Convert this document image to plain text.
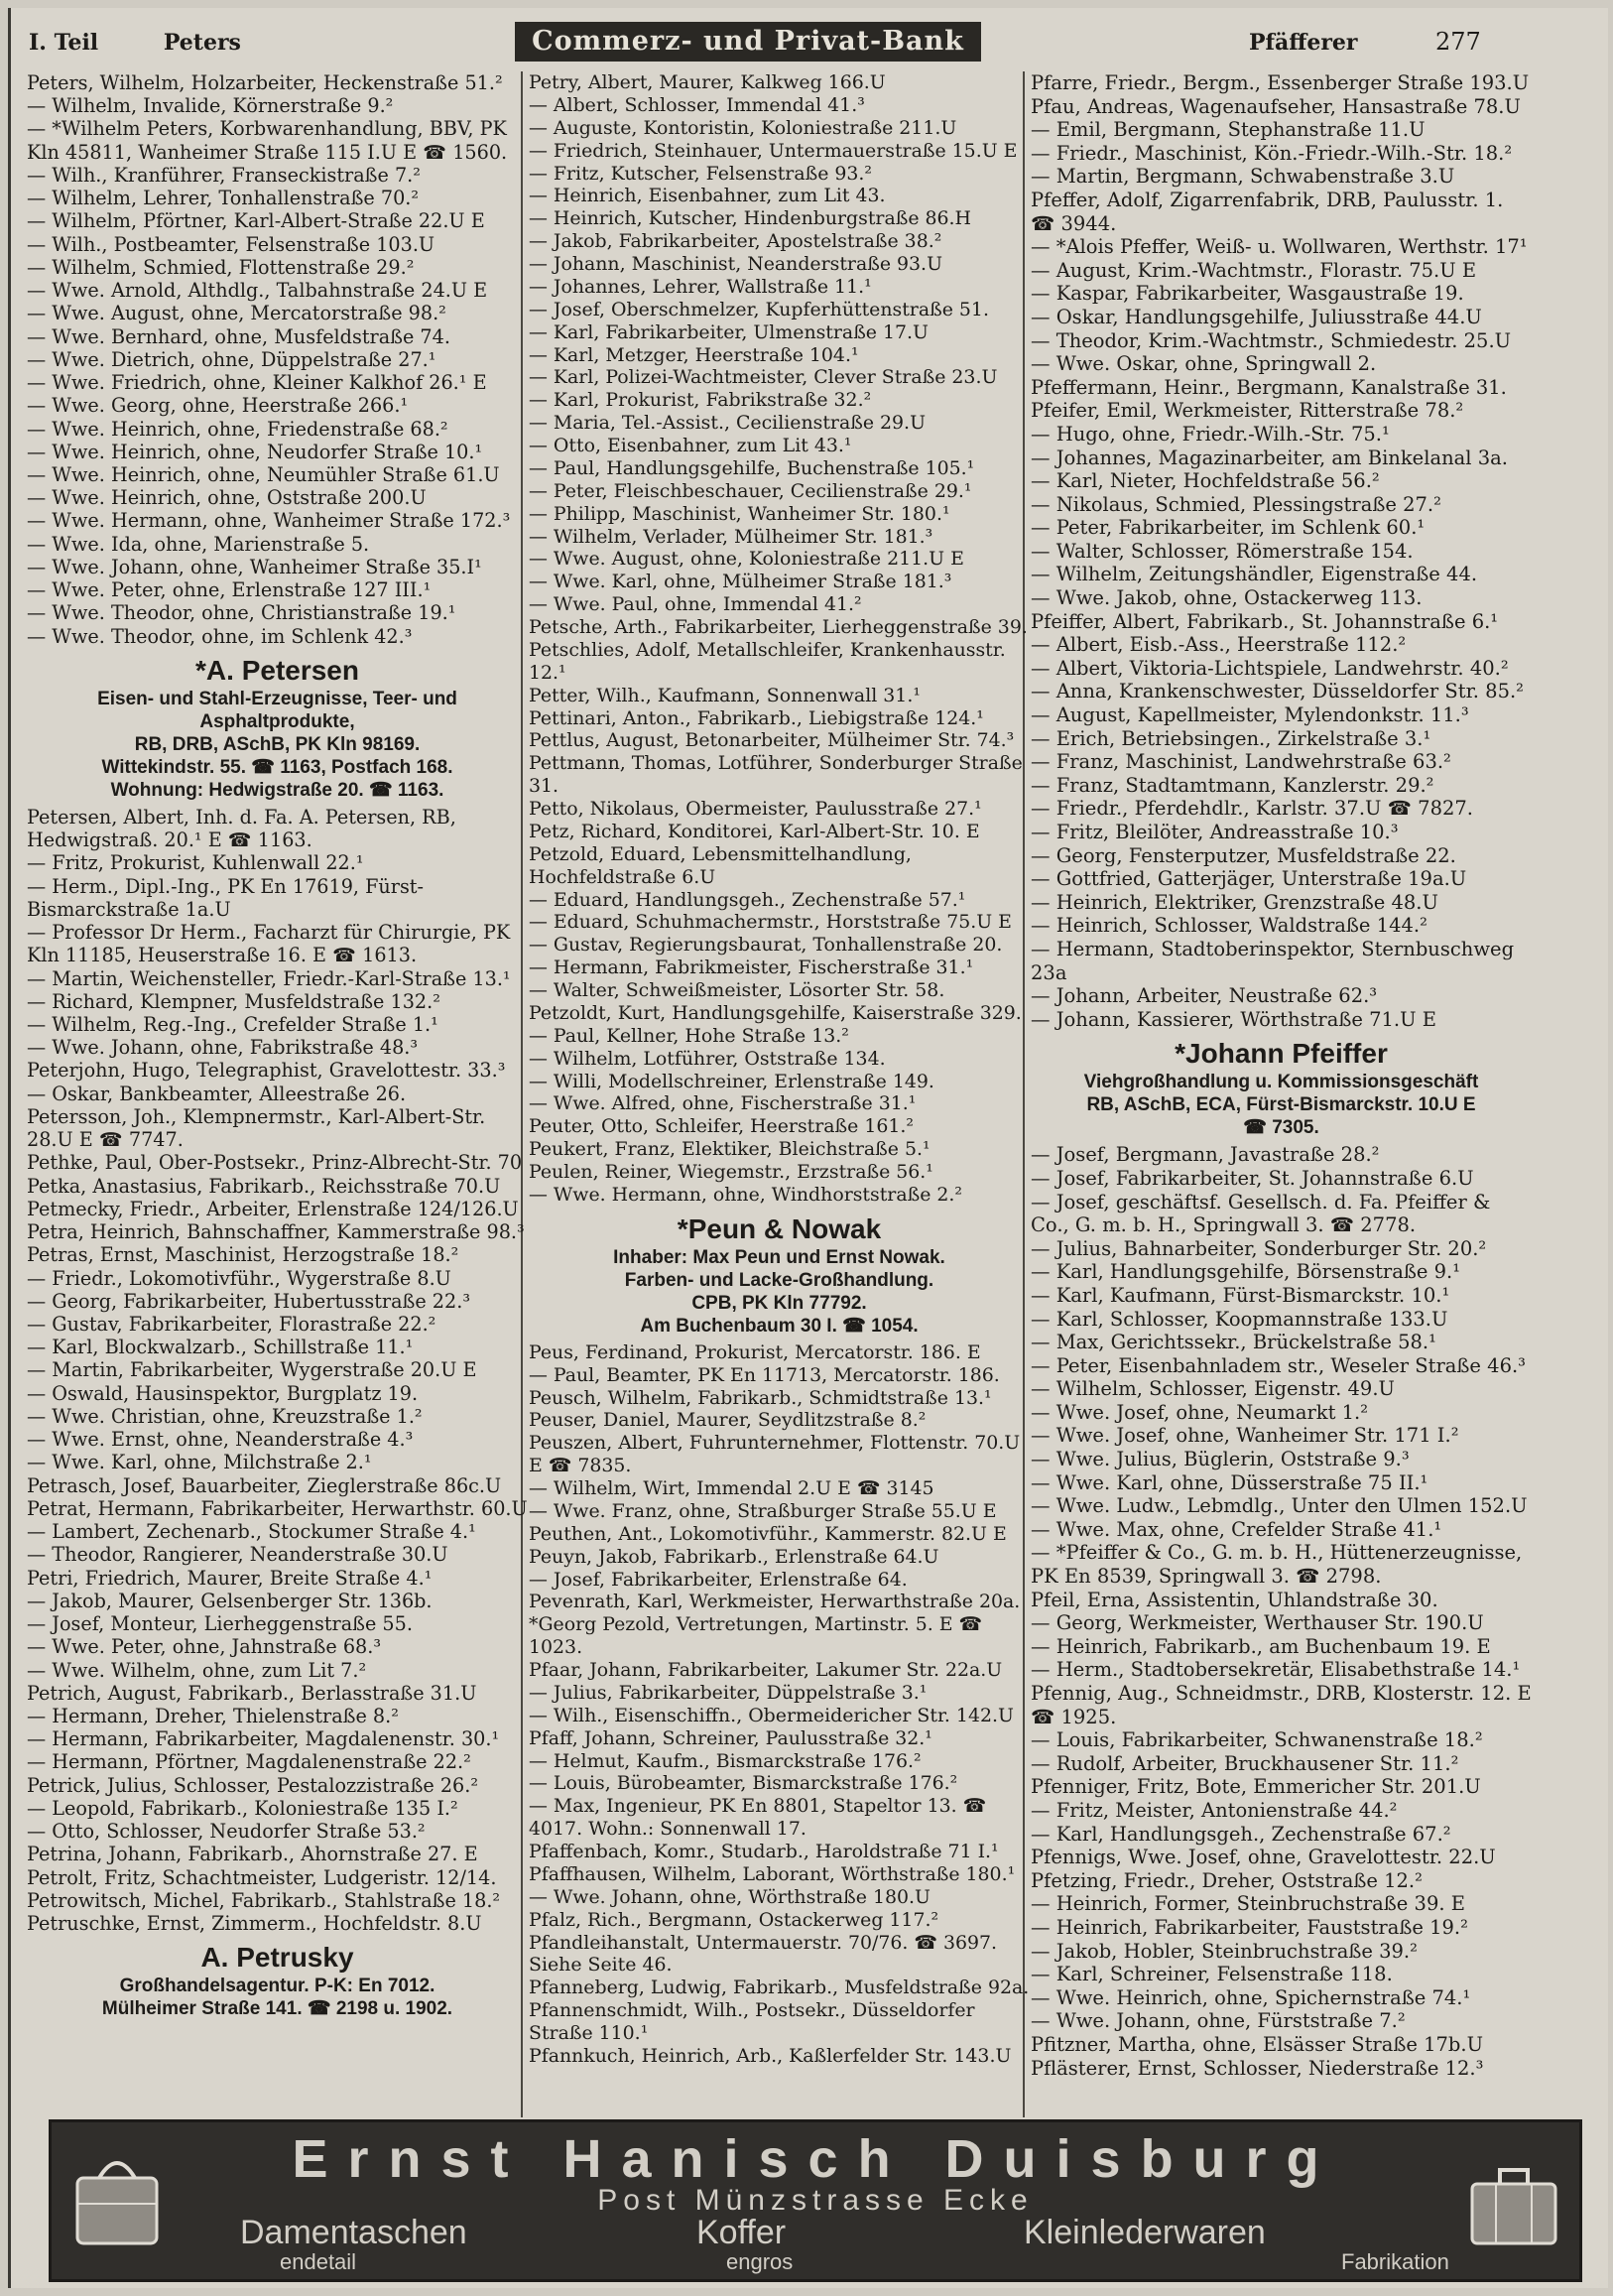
I. Teil	Peters	Commerz- und Privat-Bank	Pfäfferer	277
Peters, Wilhelm, Holzarbeiter, Heckenstraße 51.²
— Wilhelm, Invalide, Körnerstraße 9.²
— *Wilhelm Peters, Korbwarenhandlung, BBV, PK Kln 45811, Wanheimer Straße 115 I.U E ☎ 1560.
— Wilh., Kranführer, Franseckistraße 7.²
— Wilhelm, Lehrer, Tonhallenstraße 70.²
— Wilhelm, Pförtner, Karl-Albert-Straße 22.U E
— Wilh., Postbeamter, Felsenstraße 103.U
— Wilhelm, Schmied, Flottenstraße 29.²
— Wwe. Arnold, Althdlg., Talbahnstraße 24.U E
— Wwe. August, ohne, Mercatorstraße 98.²
— Wwe. Bernhard, ohne, Musfeldstraße 74.
— Wwe. Dietrich, ohne, Düppelstraße 27.¹
— Wwe. Friedrich, ohne, Kleiner Kalkhof 26.¹ E
— Wwe. Georg, ohne, Heerstraße 266.¹
— Wwe. Heinrich, ohne, Friedenstraße 68.²
— Wwe. Heinrich, ohne, Neudorfer Straße 10.¹
— Wwe. Heinrich, ohne, Neumühler Straße 61.U
— Wwe. Heinrich, ohne, Oststraße 200.U
— Wwe. Hermann, ohne, Wanheimer Straße 172.³
— Wwe. Ida, ohne, Marienstraße 5.
— Wwe. Johann, ohne, Wanheimer Straße 35.I¹
— Wwe. Peter, ohne, Erlenstraße 127 III.¹
— Wwe. Theodor, ohne, Christianstraße 19.¹
— Wwe. Theodor, ohne, im Schlenk 42.³
*A. Petersen
Eisen- und Stahl-Erzeugnisse, Teer- und Asphaltprodukte,
RB, DRB, ASchB, PK Kln 98169.
Wittekindstr. 55. ☎ 1163, Postfach 168.
Wohnung: Hedwigstraße 20. ☎ 1163.
Petersen, Albert, Inh. d. Fa. A. Petersen, RB, Hedwigstraß. 20.¹ E ☎ 1163.
— Fritz, Prokurist, Kuhlenwall 22.¹
— Herm., Dipl.-Ing., PK En 17619, Fürst-Bismarckstraße 1a.U
— Professor Dr Herm., Facharzt für Chirurgie, PK Kln 11185, Heuserstraße 16. E ☎ 1613.
— Martin, Weichensteller, Friedr.-Karl-Straße 13.¹
— Richard, Klempner, Musfeldstraße 132.²
— Wilhelm, Reg.-Ing., Crefelder Straße 1.¹
— Wwe. Johann, ohne, Fabrikstraße 48.³
Peterjohn, Hugo, Telegraphist, Gravelottestr. 33.³
— Oskar, Bankbeamter, Alleestraße 26.
Petersson, Joh., Klempnermstr., Karl-Albert-Str. 28.U E ☎ 7747.
Pethke, Paul, Ober-Postsekr., Prinz-Albrecht-Str. 70
Petka, Anastasius, Fabrikarb., Reichsstraße 70.U
Petmecky, Friedr., Arbeiter, Erlenstraße 124/126.U
Petra, Heinrich, Bahnschaffner, Kammerstraße 98.³
Petras, Ernst, Maschinist, Herzogstraße 18.²
— Friedr., Lokomotivführ., Wygerstraße 8.U
— Georg, Fabrikarbeiter, Hubertusstraße 22.³
— Gustav, Fabrikarbeiter, Florastraße 22.²
— Karl, Blockwalzarb., Schillstraße 11.¹
— Martin, Fabrikarbeiter, Wygerstraße 20.U E
— Oswald, Hausinspektor, Burgplatz 19.
— Wwe. Christian, ohne, Kreuzstraße 1.²
— Wwe. Ernst, ohne, Neanderstraße 4.³
— Wwe. Karl, ohne, Milchstraße 2.¹
Petrasch, Josef, Bauarbeiter, Zieglerstraße 86c.U
Petrat, Hermann, Fabrikarbeiter, Herwarthstr. 60.U
— Lambert, Zechenarb., Stockumer Straße 4.¹
— Theodor, Rangierer, Neanderstraße 30.U
Petri, Friedrich, Maurer, Breite Straße 4.¹
— Jakob, Maurer, Gelsenberger Str. 136b.
— Josef, Monteur, Lierheggenstraße 55.
— Wwe. Peter, ohne, Jahnstraße 68.³
— Wwe. Wilhelm, ohne, zum Lit 7.²
Petrich, August, Fabrikarb., Berlasstraße 31.U
— Hermann, Dreher, Thielenstraße 8.²
— Hermann, Fabrikarbeiter, Magdalenenstr. 30.¹
— Hermann, Pförtner, Magdalenenstraße 22.²
Petrick, Julius, Schlosser, Pestalozzistraße 26.²
— Leopold, Fabrikarb., Koloniestraße 135 I.²
— Otto, Schlosser, Neudorfer Straße 53.²
Petrina, Johann, Fabrikarb., Ahornstraße 27. E
Petrolt, Fritz, Schachtmeister, Ludgeristr. 12/14.
Petrowitsch, Michel, Fabrikarb., Stahlstraße 18.²
Petruschke, Ernst, Zimmerm., Hochfeldstr. 8.U
A. Petrusky
Großhandelsagentur. P-K: En 7012.
Mülheimer Straße 141. ☎ 2198 u. 1902.
Petry, Albert, Maurer, Kalkweg 166.U
— Albert, Schlosser, Immendal 41.³
— Auguste, Kontoristin, Koloniestraße 211.U
— Friedrich, Steinhauer, Untermauerstraße 15.U E
— Fritz, Kutscher, Felsenstraße 93.²
— Heinrich, Eisenbahner, zum Lit 43.
— Heinrich, Kutscher, Hindenburgstraße 86.H
— Jakob, Fabrikarbeiter, Apostelstraße 38.²
— Johann, Maschinist, Neanderstraße 93.U
— Johannes, Lehrer, Wallstraße 11.¹
— Josef, Oberschmelzer, Kupferhüttenstraße 51.
— Karl, Fabrikarbeiter, Ulmenstraße 17.U
— Karl, Metzger, Heerstraße 104.¹
— Karl, Polizei-Wachtmeister, Clever Straße 23.U
— Karl, Prokurist, Fabrikstraße 32.²
— Maria, Tel.-Assist., Cecilienstraße 29.U
— Otto, Eisenbahner, zum Lit 43.¹
— Paul, Handlungsgehilfe, Buchenstraße 105.¹
— Peter, Fleischbeschauer, Cecilienstraße 29.¹
— Philipp, Maschinist, Wanheimer Str. 180.¹
— Wilhelm, Verlader, Mülheimer Str. 181.³
— Wwe. August, ohne, Koloniestraße 211.U E
— Wwe. Karl, ohne, Mülheimer Straße 181.³
— Wwe. Paul, ohne, Immendal 41.²
Petsche, Arth., Fabrikarbeiter, Lierheggenstraße 39.
Petschlies, Adolf, Metallschleifer, Krankenhausstr. 12.¹
Petter, Wilh., Kaufmann, Sonnenwall 31.¹
Pettinari, Anton., Fabrikarb., Liebigstraße 124.¹
Pettlus, August, Betonarbeiter, Mülheimer Str. 74.³
Pettmann, Thomas, Lotführer, Sonderburger Straße 31.
Petto, Nikolaus, Obermeister, Paulusstraße 27.¹
Petz, Richard, Konditorei, Karl-Albert-Str. 10. E
Petzold, Eduard, Lebensmittelhandlung, Hochfeldstraße 6.U
— Eduard, Handlungsgeh., Zechenstraße 57.¹
— Eduard, Schuhmachermstr., Horststraße 75.U E
— Gustav, Regierungsbaurat, Tonhallenstraße 20.
— Hermann, Fabrikmeister, Fischerstraße 31.¹
— Walter, Schweißmeister, Lösorter Str. 58.
Petzoldt, Kurt, Handlungsgehilfe, Kaiserstraße 329.
— Paul, Kellner, Hohe Straße 13.²
— Wilhelm, Lotführer, Oststraße 134.
— Willi, Modellschreiner, Erlenstraße 149.
— Wwe. Alfred, ohne, Fischerstraße 31.¹
Peuter, Otto, Schleifer, Heerstraße 161.²
Peukert, Franz, Elektiker, Bleichstraße 5.¹
Peulen, Reiner, Wiegemstr., Erzstraße 56.¹
— Wwe. Hermann, ohne, Windhorststraße 2.²
*Peun & Nowak
Inhaber: Max Peun und Ernst Nowak.
Farben- und Lacke-Großhandlung.
CPB, PK Kln 77792.
Am Buchenbaum 30 I. ☎ 1054.
Peus, Ferdinand, Prokurist, Mercatorstr. 186. E
— Paul, Beamter, PK En 11713, Mercatorstr. 186.
Peusch, Wilhelm, Fabrikarb., Schmidtstraße 13.¹
Peuser, Daniel, Maurer, Seydlitzstraße 8.²
Peuszen, Albert, Fuhrunternehmer, Flottenstr. 70.U E ☎ 7835.
— Wilhelm, Wirt, Immendal 2.U E ☎ 3145
— Wwe. Franz, ohne, Straßburger Straße 55.U E
Peuthen, Ant., Lokomotivführ., Kammerstr. 82.U E
Peuyn, Jakob, Fabrikarb., Erlenstraße 64.U
— Josef, Fabrikarbeiter, Erlenstraße 64.
Pevenrath, Karl, Werkmeister, Herwarthstraße 20a.
*Georg Pezold, Vertretungen, Martinstr. 5. E ☎ 1023.
Pfaar, Johann, Fabrikarbeiter, Lakumer Str. 22a.U
— Julius, Fabrikarbeiter, Düppelstraße 3.¹
— Wilh., Eisenschiffn., Obermeidericher Str. 142.U
Pfaff, Johann, Schreiner, Paulusstraße 32.¹
— Helmut, Kaufm., Bismarckstraße 176.²
— Louis, Bürobeamter, Bismarckstraße 176.²
— Max, Ingenieur, PK En 8801, Stapeltor 13. ☎ 4017. Wohn.: Sonnenwall 17.
Pfaffenbach, Komr., Studarb., Haroldstraße 71 I.¹
Pfaffhausen, Wilhelm, Laborant, Wörthstraße 180.¹
— Wwe. Johann, ohne, Wörthstraße 180.U
Pfalz, Rich., Bergmann, Ostackerweg 117.²
Pfandleihanstalt, Untermauerstr. 70/76. ☎ 3697. Siehe Seite 46.
Pfanneberg, Ludwig, Fabrikarb., Musfeldstraße 92a.
Pfannenschmidt, Wilh., Postsekr., Düsseldorfer Straße 110.¹
Pfannkuch, Heinrich, Arb., Kaßlerfelder Str. 143.U
Pfarre, Friedr., Bergm., Essenberger Straße 193.U
Pfau, Andreas, Wagenaufseher, Hansastraße 78.U
— Emil, Bergmann, Stephanstraße 11.U
— Friedr., Maschinist, Kön.-Friedr.-Wilh.-Str. 18.²
— Martin, Bergmann, Schwabenstraße 3.U
Pfeffer, Adolf, Zigarrenfabrik, DRB, Paulusstr. 1. ☎ 3944.
— *Alois Pfeffer, Weiß- u. Wollwaren, Werthstr. 17¹
— August, Krim.-Wachtmstr., Florastr. 75.U E
— Kaspar, Fabrikarbeiter, Wasgaustraße 19.
— Oskar, Handlungsgehilfe, Juliusstraße 44.U
— Theodor, Krim.-Wachtmstr., Schmiedestr. 25.U
— Wwe. Oskar, ohne, Springwall 2.
Pfeffermann, Heinr., Bergmann, Kanalstraße 31.
Pfeifer, Emil, Werkmeister, Ritterstraße 78.²
— Hugo, ohne, Friedr.-Wilh.-Str. 75.¹
— Johannes, Magazinarbeiter, am Binkelanal 3a.
— Karl, Nieter, Hochfeldstraße 56.²
— Nikolaus, Schmied, Plessingstraße 27.²
— Peter, Fabrikarbeiter, im Schlenk 60.¹
— Walter, Schlosser, Römerstraße 154.
— Wilhelm, Zeitungshändler, Eigenstraße 44.
— Wwe. Jakob, ohne, Ostackerweg 113.
Pfeiffer, Albert, Fabrikarb., St. Johannstraße 6.¹
— Albert, Eisb.-Ass., Heerstraße 112.²
— Albert, Viktoria-Lichtspiele, Landwehrstr. 40.²
— Anna, Krankenschwester, Düsseldorfer Str. 85.²
— August, Kapellmeister, Mylendonkstr. 11.³
— Erich, Betriebsingen., Zirkelstraße 3.¹
— Franz, Maschinist, Landwehrstraße 63.²
— Franz, Stadtamtmann, Kanzlerstr. 29.²
— Friedr., Pferdehdlr., Karlstr. 37.U ☎ 7827.
— Fritz, Bleilöter, Andreasstraße 10.³
— Georg, Fensterputzer, Musfeldstraße 22.
— Gottfried, Gatterjäger, Unterstraße 19a.U
— Heinrich, Elektriker, Grenzstraße 48.U
— Heinrich, Schlosser, Waldstraße 144.²
— Hermann, Stadtoberinspektor, Sternbuschweg 23a
— Johann, Arbeiter, Neustraße 62.³
— Johann, Kassierer, Wörthstraße 71.U E
*Johann Pfeiffer
Viehgroßhandlung u. Kommissionsgeschäft
RB, ASchB, ECA, Fürst-Bismarckstr. 10.U E
☎ 7305.
— Josef, Bergmann, Javastraße 28.²
— Josef, Fabrikarbeiter, St. Johannstraße 6.U
— Josef, geschäftsf. Gesellsch. d. Fa. Pfeiffer & Co., G. m. b. H., Springwall 3. ☎ 2778.
— Julius, Bahnarbeiter, Sonderburger Str. 20.²
— Karl, Handlungsgehilfe, Börsenstraße 9.¹
— Karl, Kaufmann, Fürst-Bismarckstr. 10.¹
— Karl, Schlosser, Koopmannstraße 133.U
— Max, Gerichtssekr., Brückelstraße 58.¹
— Peter, Eisenbahnladem str., Weseler Straße 46.³
— Wilhelm, Schlosser, Eigenstr. 49.U
— Wwe. Josef, ohne, Neumarkt 1.²
— Wwe. Josef, ohne, Wanheimer Str. 171 I.²
— Wwe. Julius, Büglerin, Oststraße 9.³
— Wwe. Karl, ohne, Düsserstraße 75 II.¹
— Wwe. Ludw., Lebmdlg., Unter den Ulmen 152.U
— Wwe. Max, ohne, Crefelder Straße 41.¹
— *Pfeiffer & Co., G. m. b. H., Hüttenerzeugnisse, PK En 8539, Springwall 3. ☎ 2798.
Pfeil, Erna, Assistentin, Uhlandstraße 30.
— Georg, Werkmeister, Werthauser Str. 190.U
— Heinrich, Fabrikarb., am Buchenbaum 19. E
— Herm., Stadtobersekretär, Elisabethstraße 14.¹
Pfennig, Aug., Schneidmstr., DRB, Klosterstr. 12. E ☎ 1925.
— Louis, Fabrikarbeiter, Schwanenstraße 18.²
— Rudolf, Arbeiter, Bruckhausener Str. 11.²
Pfenniger, Fritz, Bote, Emmericher Str. 201.U
— Fritz, Meister, Antonienstraße 44.²
— Karl, Handlungsgeh., Zechenstraße 67.²
Pfennigs, Wwe. Josef, ohne, Gravelottestr. 22.U
Pfetzing, Friedr., Dreher, Oststraße 12.²
— Heinrich, Former, Steinbruchstraße 39. E
— Heinrich, Fabrikarbeiter, Fauststraße 19.²
— Jakob, Hobler, Steinbruchstraße 39.²
— Karl, Schreiner, Felsenstraße 118.
— Wwe. Heinrich, ohne, Spichernstraße 74.¹
— Wwe. Johann, ohne, Fürststraße 7.²
Pfitzner, Martha, ohne, Elsässer Straße 17b.U
Pflästerer, Ernst, Schlosser, Niederstraße 12.³
Ernst Hanisch Duisburg
Post Münzstrasse Ecke
Damentaschen	Koffer	Kleinlederwaren
endetail	engros	Fabrikation
